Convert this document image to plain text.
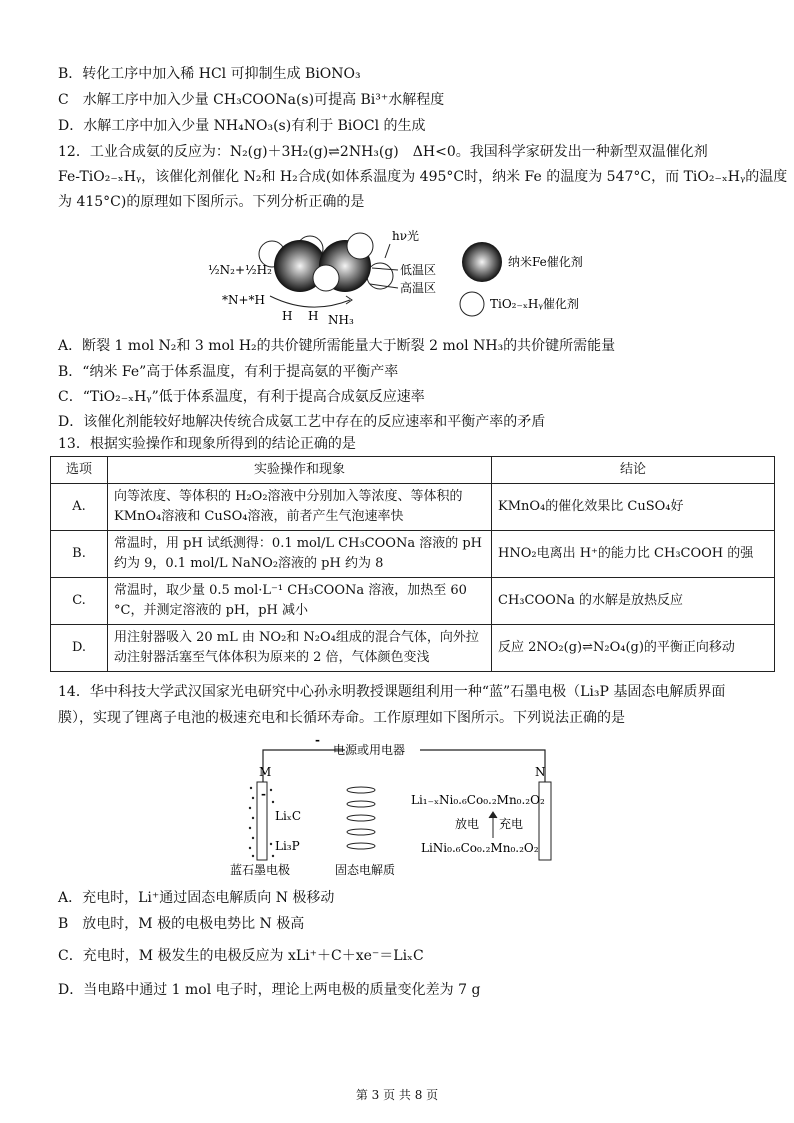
B．转化工序中加入稀 HCl 可抑制生成 BiONO₃
C　水解工序中加入少量 CH₃COONa(s)可提高 Bi³⁺水解程度
D．水解工序中加入少量 NH₄NO₃(s)有利于 BiOCl 的生成
12．工业合成氨的反应为：N₂(g)＋3H₂(g)⇌2NH₃(g)　ΔH<0。我国科学家研发出一种新型双温催化剂
Fe-TiO₂₋ₓHᵧ，该催化剂催化 N₂和 H₂合成(如体系温度为 495°C时，纳米 Fe 的温度为 547°C，而 TiO₂₋ₓHᵧ的温度
为 415°C)的原理如下图所示。下列分析正确的是
½N₂+½H₂
*N+*H
hν光
低温区
高温区
H H NH₃
纳米Fe催化剂
TiO₂₋ₓHᵧ催化剂
A．断裂 1 mol N₂和 3 mol H₂的共价键所需能量大于断裂 2 mol NH₃的共价键所需能量
B．“纳米 Fe”高于体系温度，有利于提高氨的平衡产率
C．“TiO₂₋ₓHᵧ”低于体系温度，有利于提高合成氨反应速率
D．该催化剂能较好地解决传统合成氨工艺中存在的反应速率和平衡产率的矛盾
13．根据实验操作和现象所得到的结论正确的是
选项	实验操作和现象	结论
A.	向等浓度、等体积的 H₂O₂溶液中分别加入等浓度、等体积的 KMnO₄溶液和 CuSO₄溶液，前者产生气泡速率快	KMnO₄的催化效果比 CuSO₄好
B.	常温时，用 pH 试纸测得：0.1 mol/L CH₃COONa 溶液的 pH 约为 9，0.1 mol/L NaNO₂溶液的 pH 约为 8	HNO₂电离出 H⁺的能力比 CH₃COOH 的强
C.	常温时，取少量 0.5 mol·L⁻¹ CH₃COONa 溶液，加热至 60 °C，并测定溶液的 pH，pH 减小	CH₃COONa 的水解是放热反应
D.	用注射器吸入 20 mL 由 NO₂和 N₂O₄组成的混合气体，向外拉动注射器活塞至气体体积为原来的 2 倍，气体颜色变浅	反应 2NO₂(g)⇌N₂O₄(g)的平衡正向移动
14．华中科技大学武汉国家光电研究中心孙永明教授课题组利用一种“蓝”石墨电极（Li₃P 基固态电解质界面
膜），实现了锂离子电池的极速充电和长循环寿命。工作原理如下图所示。下列说法正确的是
-
电源或用电器
M	N
-
LiₓC
Li₃P
蓝石墨电极	固态电解质
Li₁₋ₓNi₀.₆Co₀.₂Mn₀.₂O₂
放电 充电
LiNi₀.₆Co₀.₂Mn₀.₂O₂
A．充电时，Li⁺通过固态电解质向 N 极移动
B　放电时，M 极的电极电势比 N 极高
C．充电时，M 极发生的电极反应为 xLi⁺＋C＋xe⁻＝LiₓC
D．当电路中通过 1 mol 电子时，理论上两电极的质量变化差为 7 g
第 3 页 共 8 页
